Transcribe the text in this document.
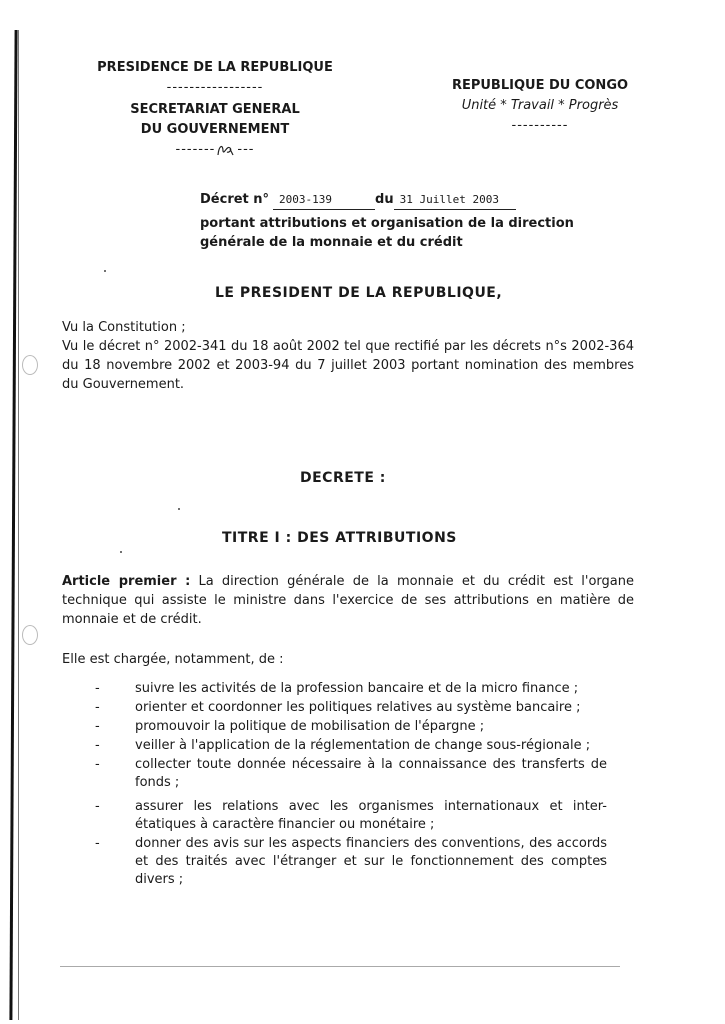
PRESIDENCE DE LA REPUBLIQUE
-----------------
SECRETARIAT GENERAL
DU GOUVERNEMENT
------- ---
REPUBLIQUE DU CONGO
Unité * Travail * Progrès
----------
Décret n° 2003-139	du 31 Juillet 2003
portant attributions et organisation de la direction
générale de la monnaie et du crédit
LE PRESIDENT DE LA REPUBLIQUE,
Vu la Constitution ;
Vu le décret n° 2002-341 du 18 août 2002 tel que rectifié par les décrets n°s 2002-364 du 18 novembre 2002 et 2003-94 du 7 juillet 2003 portant nomination des membres du Gouvernement.
DECRETE :
TITRE I : DES ATTRIBUTIONS
Article premier : La direction générale de la monnaie et du crédit est l'organe technique qui assiste le ministre dans l'exercice de ses attributions en matière de monnaie et de crédit.
Elle est chargée, notamment, de :
-	suivre les activités de la profession bancaire et de la micro finance ;
-	orienter et coordonner les politiques relatives au système bancaire ;
-	promouvoir la politique de mobilisation de l'épargne ;
-	veiller à l'application de la réglementation de change sous-régionale ;
-	collecter toute donnée nécessaire à la connaissance des transferts de fonds ;
-	assurer les relations avec les organismes internationaux et inter-étatiques à caractère financier ou monétaire ;
-	donner des avis sur les aspects financiers des conventions, des accords et des traités avec l'étranger et sur le fonctionnement des comptes divers ;
